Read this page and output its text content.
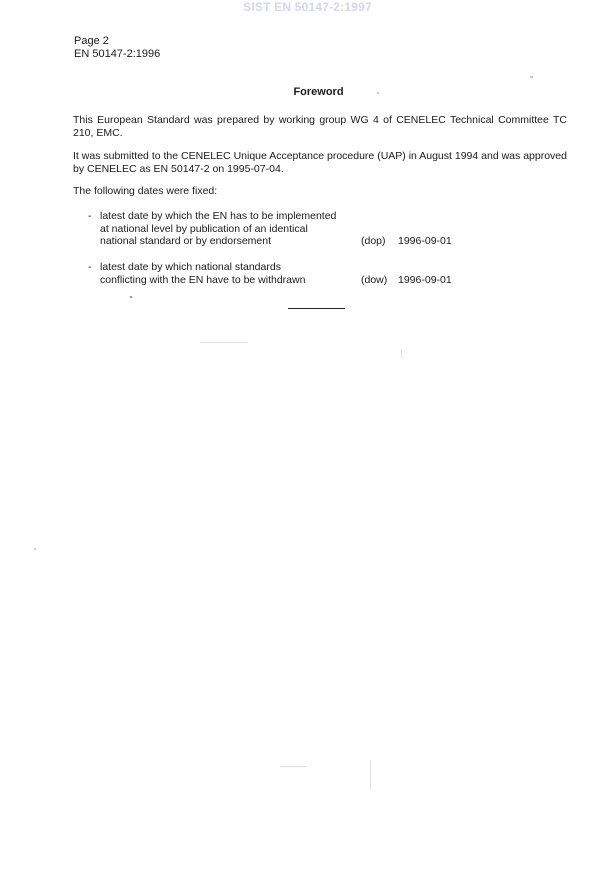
SIST EN 50147-2:1997
Page 2
EN 50147-2:1996
Foreword
This European Standard was prepared by working group WG 4 of CENELEC Technical Committee TC 210, EMC.
It was submitted to the CENELEC Unique Acceptance procedure (UAP) in August 1994 and was approved by CENELEC as EN 50147-2 on 1995-07-04.
The following dates were fixed:
- latest date by which the EN has to be implemented
at national level by publication of an identical
national standard or by endorsement	(dop)	1996-09-01
- latest date by which national standards
conflicting with the EN have to be withdrawn	(dow)	1996-09-01
